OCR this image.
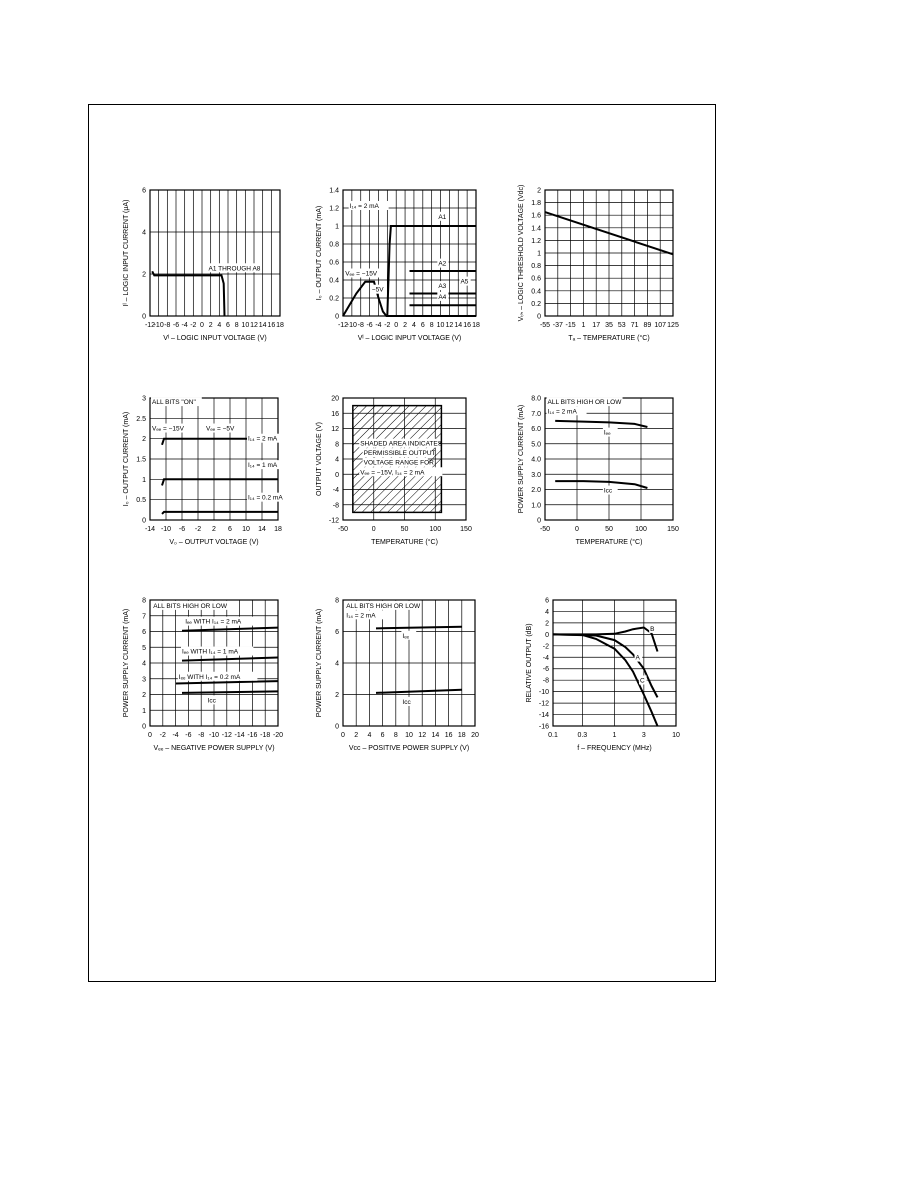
0
2
4
6
-12
-10 -8 -6 -4 -2 0 2 4 6 8 10 12 14 16 18
Vᴵ – LOGIC INPUT VOLTAGE (V)
Iᴵ – LOGIC INPUT CURRENT (μA)	A1 THROUGH A8
0
0.2
0.4
0.6
0.8
1
1.2
1.4
-12
-10 -8 -6 -4 -2 0 2 4 6 8 10 12 14 16 18
Vᴵ – LOGIC INPUT VOLTAGE (V)
I₀ – OUTPUT CURRENT (mA)	I₁₄ = 2 mA
A1
A2
A3
A4
A5
Vₑₑ = −15V
−5V
0
0.2
0.4
0.6
0.8
1
1.2
1.4
1.6
1.8
2
-55 -37 -15 1 17 35 53 71 89 107 125
Tₐ – TEMPERATURE (°C)
Vₜₕ – LOGIC THRESHOLD VOLTAGE (Vdc)
0
0.5
1
1.5
2
2.5
3
-14 -10 -6 -2 2 6 10 14 18
V₀ – OUTPUT VOLTAGE (V)
I₀ – OUTPUT CURRENT (mA)
ALL BITS "ON"
Vₑₑ = −15V	Vₑₑ = −5V
I₁₄ = 2 mA
I₁₄ = 1 mA
I₁₄ = 0.2 mA
-12
-8
-4
0
4
8
12
16
20
-50	0	50	100	150
TEMPERATURE (°C)
OUTPUT VOLTAGE (V)	SHADED AREA INDICATES
PERMISSIBLE OUTPUT
VOLTAGE RANGE FOR
Vₑₑ = −15V, I₁₄ = 2 mA
0
1.0
2.0
3.0
4.0
5.0
6.0
7.0
8.0
-50	0	50	100	150
TEMPERATURE (°C)
POWER SUPPLY CURRENT (mA)
ALL BITS HIGH OR LOW
I₁₄ = 2 mA
Iₑₑ
Iᴄᴄ
0
1
2
3
4
5
6
7
8
0 -2 -4 -6 -8 -10 -12 -14 -16 -18 -20
Vₑₑ – NEGATIVE POWER SUPPLY (V)
POWER SUPPLY CURRENT (mA)
ALL BITS HIGH OR LOW
Iₑₑ WITH I₁₄ = 2 mA
Iₑₑ WITH I₁₄ = 1 mA
Iₑₑ WITH I₁₄ = 0.2 mA
Iᴄᴄ
0
2
4
6
8
0 2 4 6 8 10 12 14 16 18 20
Vᴄᴄ – POSITIVE POWER SUPPLY (V)
POWER SUPPLY CURRENT (mA)
ALL BITS HIGH OR LOW
I₁₄ = 2 mA
Iₑₑ
Iᴄᴄ
-16
-14
-12
-10
-8
-6
-4
-2
0
2
4
6
0.1	0.3	1	3	10
f – FREQUENCY (MHz)
RELATIVE OUTPUT (dB)	B
A
C
